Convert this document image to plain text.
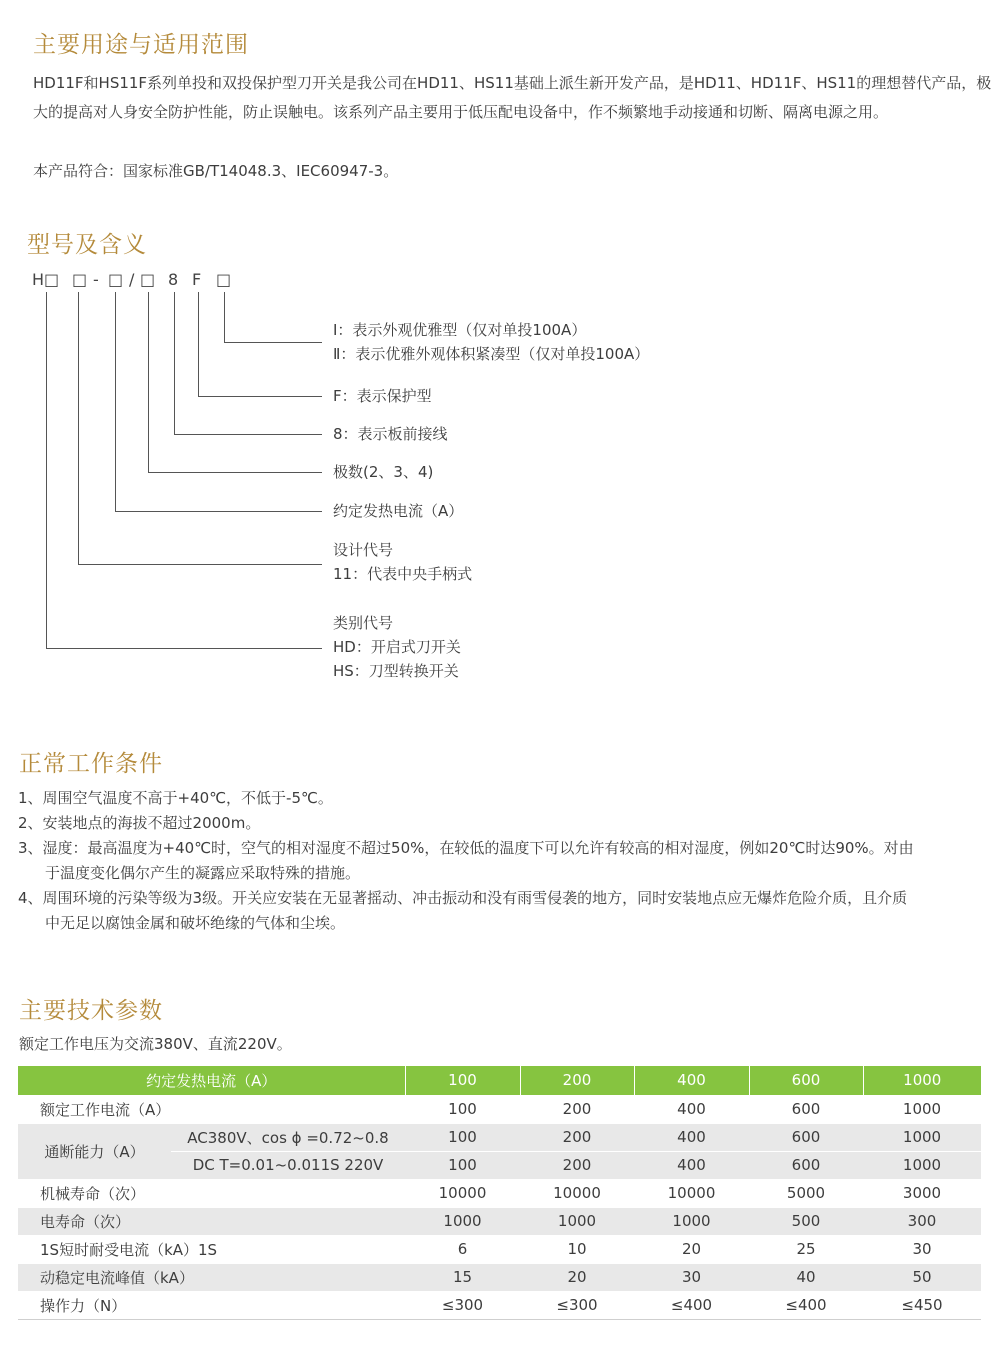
主要用途与适用范围
HD11F和HS11F系列单投和双投保护型刀开关是我公司在HD11、HS11基础上派生新开发产品，是HD11、HD11F、HS11的理想替代产品，极大的提高对人身安全防护性能，防止误触电。该系列产品主要用于低压配电设备中，作不频繁地手动接通和切断、隔离电源之用。
本产品符合：国家标准GB/T14048.3、IEC60947-3。
型号及含义
H□ □ - □ / □ 8 F □
Ⅰ：表示外观优雅型（仅对单投100A）
Ⅱ：表示优雅外观体积紧凑型（仅对单投100A）
F：表示保护型
8：表示板前接线
极数(2、3、4)
约定发热电流（A）
设计代号
11：代表中央手柄式
类别代号
HD：开启式刀开关
HS：刀型转换开关
正常工作条件
1、周围空气温度不高于+40℃，不低于-5℃。
2、安装地点的海拔不超过2000m。
3、湿度：最高温度为+40℃时，空气的相对湿度不超过50%，在较低的温度下可以允许有较高的相对湿度，例如20℃时达90%。对由
于温度变化偶尔产生的凝露应采取特殊的措施。
4、周围环境的污染等级为3级。开关应安装在无显著摇动、冲击振动和没有雨雪侵袭的地方，同时安装地点应无爆炸危险介质，且介质
中无足以腐蚀金属和破坏绝缘的气体和尘埃。
主要技术参数
额定工作电压为交流380V、直流220V。
约定发热电流（A）		100	200	400	600	1000
额定工作电流（A）		100	200	400	600	1000
通断能力（A）	AC380V、cos ϕ =0.72~0.8	100	200	400	600	1000
	DC T=0.01~0.011S 220V	100	200	400	600	1000
机械寿命（次）		10000	10000	10000	5000	3000
电寿命（次）		1000	1000	1000	500	300
1S短时耐受电流（kA）1S		6	10	20	25	30
动稳定电流峰值（kA）		15	20	30	40	50
操作力（N）		≤300	≤300	≤400	≤400	≤450
